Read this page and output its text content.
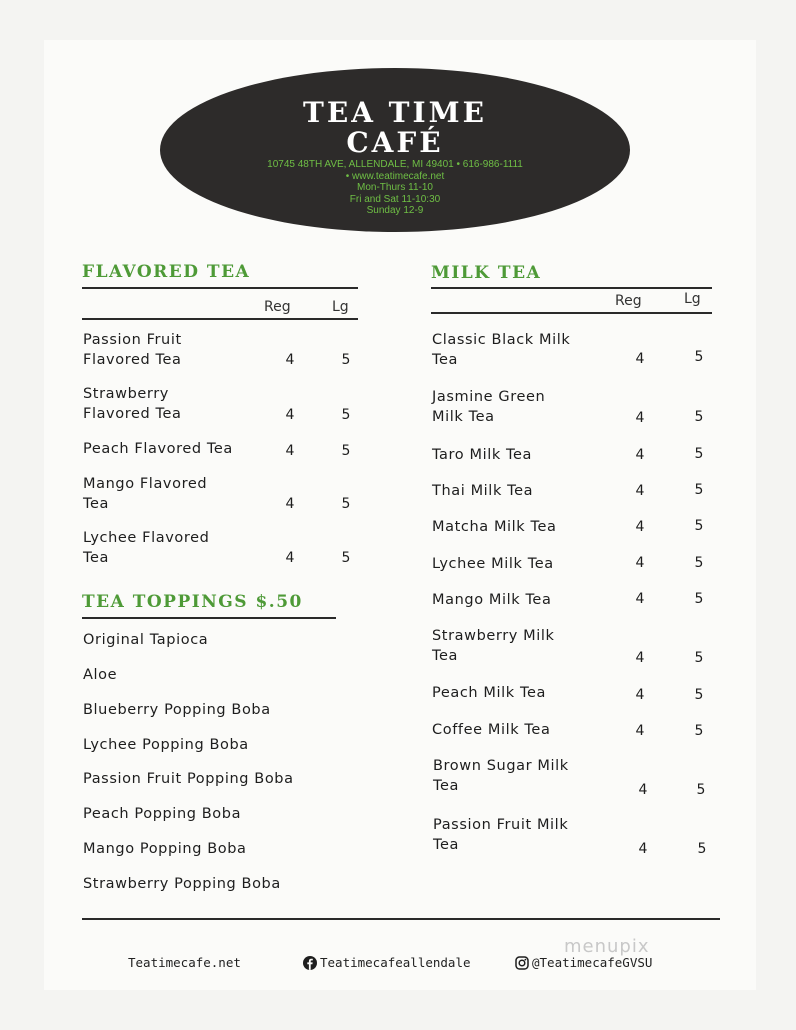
TEA TIME
CAFÉ
10745 48TH AVE, ALLENDALE, MI 49401 • 616-986-1111
• www.teatimecafe.net
Mon-Thurs 11-10
Fri and Sat 11-10:30
Sunday 12-9
FLAVORED TEA
Reg	Lg
Passion Fruit
Flavored Tea	4	5
Strawberry
Flavored Tea	4	5
Peach Flavored Tea	4	5
Mango Flavored
Tea	4	5
Lychee Flavored
Tea	4	5
TEA TOPPINGS $.50
Original Tapioca
Aloe
Blueberry Popping Boba
Lychee Popping Boba
Passion Fruit Popping Boba
Peach Popping Boba
Mango Popping Boba
Strawberry Popping Boba
MILK TEA
Reg	Lg
Classic Black Milk
Tea	4	5
Jasmine Green
Milk Tea	4	5
Taro Milk Tea	4	5
Thai Milk Tea	4	5
Matcha Milk Tea	4	5
Lychee Milk Tea	4	5
Mango Milk Tea	4	5
Strawberry Milk
Tea	4	5
Peach Milk Tea	4	5
Coffee Milk Tea	4	5
Brown Sugar Milk
Tea	4	5
Passion Fruit Milk
Tea	4	5
Teatimecafe.net	Teatimecafeallendale	@TeatimecafeGVSU
menupix
